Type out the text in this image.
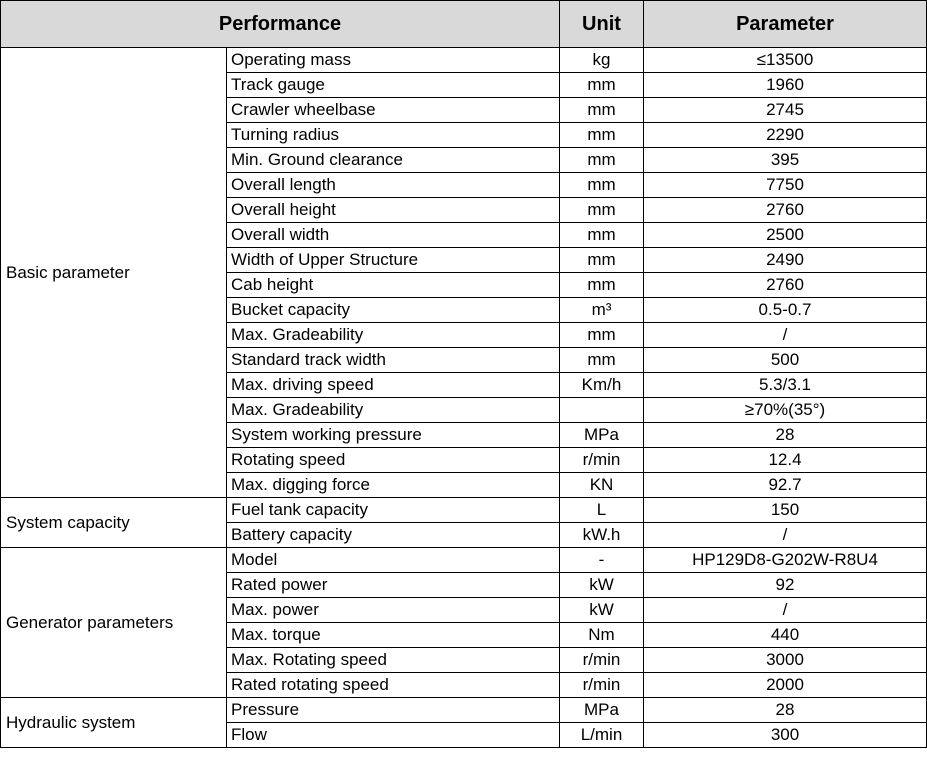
Performance		Unit	Parameter
Basic parameter	Operating mass	kg	≤13500
	Track gauge	mm	1960
	Crawler wheelbase	mm	2745
	Turning radius	mm	2290
	Min. Ground clearance	mm	395
	Overall length	mm	7750
	Overall height	mm	2760
	Overall width	mm	2500
	Width of Upper Structure	mm	2490
	Cab height	mm	2760
	Bucket capacity	m³	0.5-0.7
	Max. Gradeability	mm	/
	Standard track width	mm	500
	Max. driving speed	Km/h	5.3/3.1
	Max. Gradeability		≥70%(35°)
	System working pressure	MPa	28
	Rotating speed	r/min	12.4
	Max. digging force	KN	92.7
System capacity	Fuel tank capacity	L	150
	Battery capacity	kW.h	/
Generator parameters	Model	-	HP129D8-G202W-R8U4
	Rated power	kW	92
	Max. power	kW	/
	Max. torque	Nm	440
	Max. Rotating speed	r/min	3000
	Rated rotating speed	r/min	2000
Hydraulic system	Pressure	MPa	28
	Flow	L/min	300
